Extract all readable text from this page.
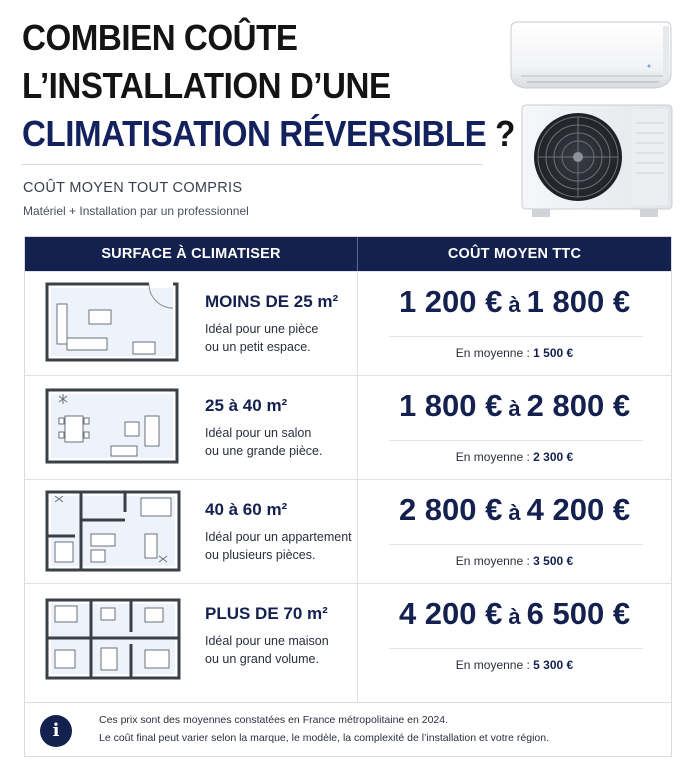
COMBIEN COÛTE
L’INSTALLATION D’UNE
CLIMATISATION RÉVERSIBLE ?
COÛT MOYEN TOUT COMPRIS
Matériel + Installation par un professionnel
SURFACE À CLIMATISER	COÛT MOYEN TTC
MOINS DE 25 m²
Idéal pour une pièce
ou un petit espace.
1 200 € à 1 800 €
En moyenne : 1 500 €
25 à 40 m²
Idéal pour un salon
ou une grande pièce.
1 800 € à 2 800 €
En moyenne : 2 300 €
40 à 60 m²
Idéal pour un appartement
ou plusieurs pièces.
2 800 € à 4 200 €
En moyenne : 3 500 €
PLUS DE 70 m²
Idéal pour une maison
ou un grand volume.
4 200 € à 6 500 €
En moyenne : 5 300 €
i	Ces prix sont des moyennes constatées en France métropolitaine en 2024.
Le coût final peut varier selon la marque, le modèle, la complexité de l’installation et votre région.
